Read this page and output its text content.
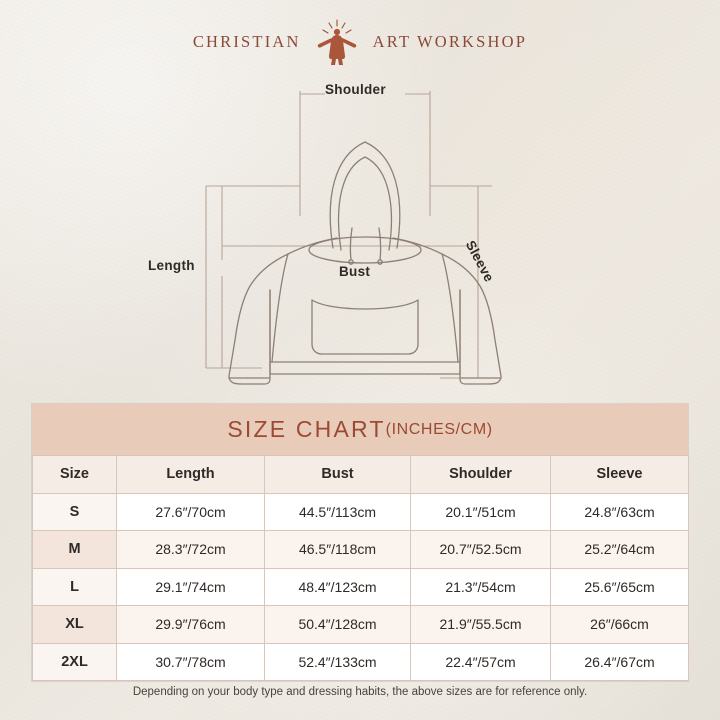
CHRISTIAN	ART WORKSHOP
Shoulder
Length	Bust	Sleeve
SIZE CHART (INCHES/CM)
Size	Length	Bust	Shoulder	Sleeve
S	27.6″/70cm	44.5″/113cm	20.1″/51cm	24.8″/63cm
M	28.3″/72cm	46.5″/118cm	20.7″/52.5cm	25.2″/64cm
L	29.1″/74cm	48.4″/123cm	21.3″/54cm	25.6″/65cm
XL	29.9″/76cm	50.4″/128cm	21.9″/55.5cm	26″/66cm
2XL	30.7″/78cm	52.4″/133cm	22.4″/57cm	26.4″/67cm
Depending on your body type and dressing habits, the above sizes are for reference only.
